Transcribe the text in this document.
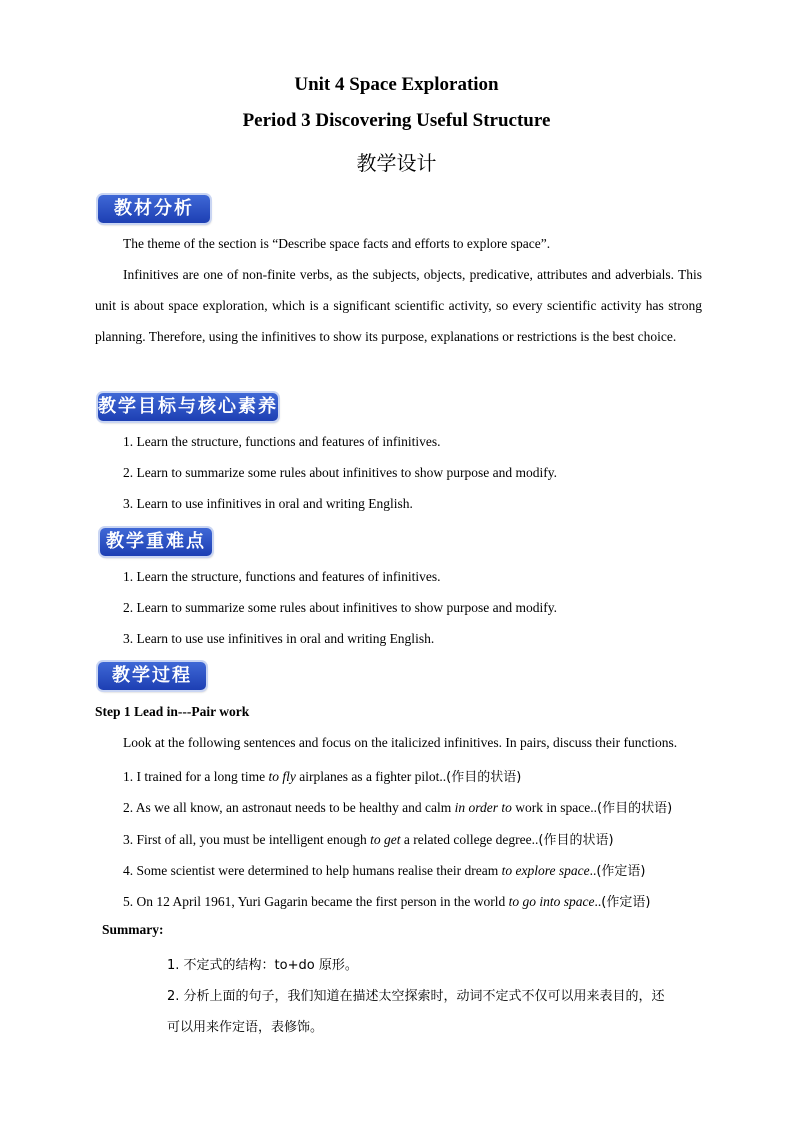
Unit 4 Space Exploration
Period 3 Discovering Useful Structure
教学设计
教材分析
The theme of the section is “Describe space facts and efforts to explore space”.
Infinitives are one of non-finite verbs, as the subjects, objects, predicative, attributes and adverbials. This unit is about space exploration, which is a significant scientific activity, so every scientific activity has strong planning. Therefore, using the infinitives to show its purpose, explanations or restrictions is the best choice.
教学目标与核心素养
1. Learn the structure, functions and features of infinitives.
2. Learn to summarize some rules about infinitives to show purpose and modify.
3. Learn to use infinitives in oral and writing English.
教学重难点
1. Learn the structure, functions and features of infinitives.
2. Learn to summarize some rules about infinitives to show purpose and modify.
3. Learn to use use infinitives in oral and writing English.
教学过程
Step 1 Lead in---Pair work
Look at the following sentences and focus on the italicized infinitives. In pairs, discuss their functions.
1. I trained for a long time to fly airplanes as a fighter pilot..(作目的状语)
2. As we all know, an astronaut needs to be healthy and calm in order to work in space..(作目的状语)
3. First of all, you must be intelligent enough to get a related college degree..(作目的状语)
4. Some scientist were determined to help humans realise their dream to explore space..(作定语)
5. On 12 April 1961, Yuri Gagarin became the first person in the world to go into space..(作定语)
Summary:
1. 不定式的结构：to+do 原形。
2. 分析上面的句子，我们知道在描述太空探索时，动词不定式不仅可以用来表目的，还
可以用来作定语，表修饰。
